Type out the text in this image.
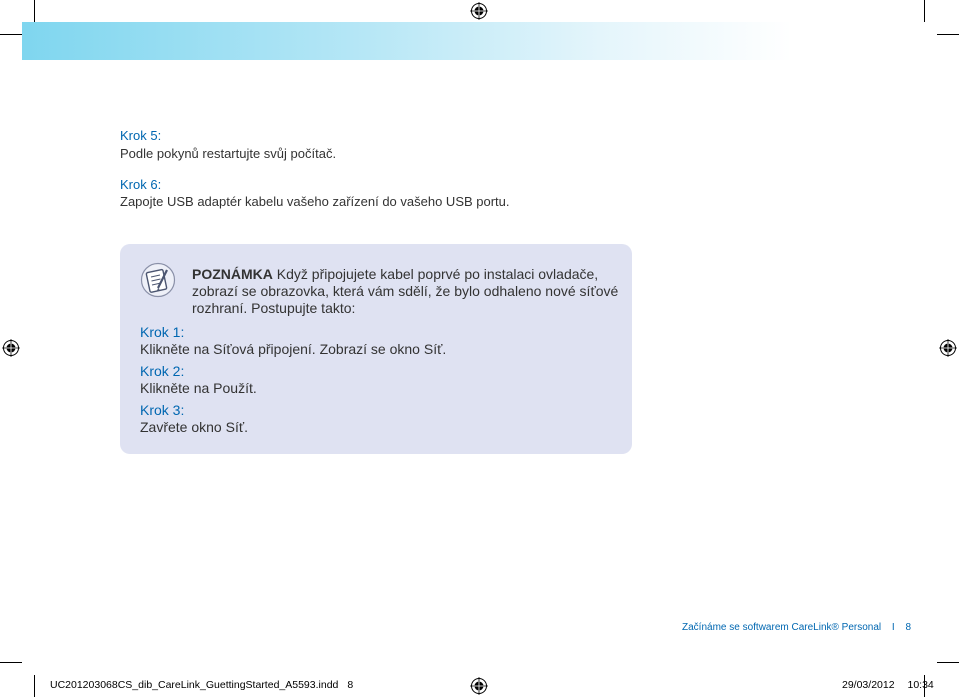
Krok 5:
Podle pokynů restartujte svůj počítač.
Krok 6:
Zapojte USB adaptér kabelu vašeho zařízení do vašeho USB portu.
POZNÁMKA Když připojujete kabel poprvé po instalaci ovladače,
zobrazí se obrazovka, která vám sdělí, že bylo odhaleno nové síťové
rozhraní. Postupujte takto:
Krok 1:
Klikněte na Síťová připojení. Zobrazí se okno Síť.
Krok 2:
Klikněte na Použít.
Krok 3:
Zavřete okno Síť.
Začínáme se softwarem CareLink® Personal I 8
UC201203068CS_dib_CareLink_GuettingStarted_A5593.indd 8	29/03/2012 10:34
